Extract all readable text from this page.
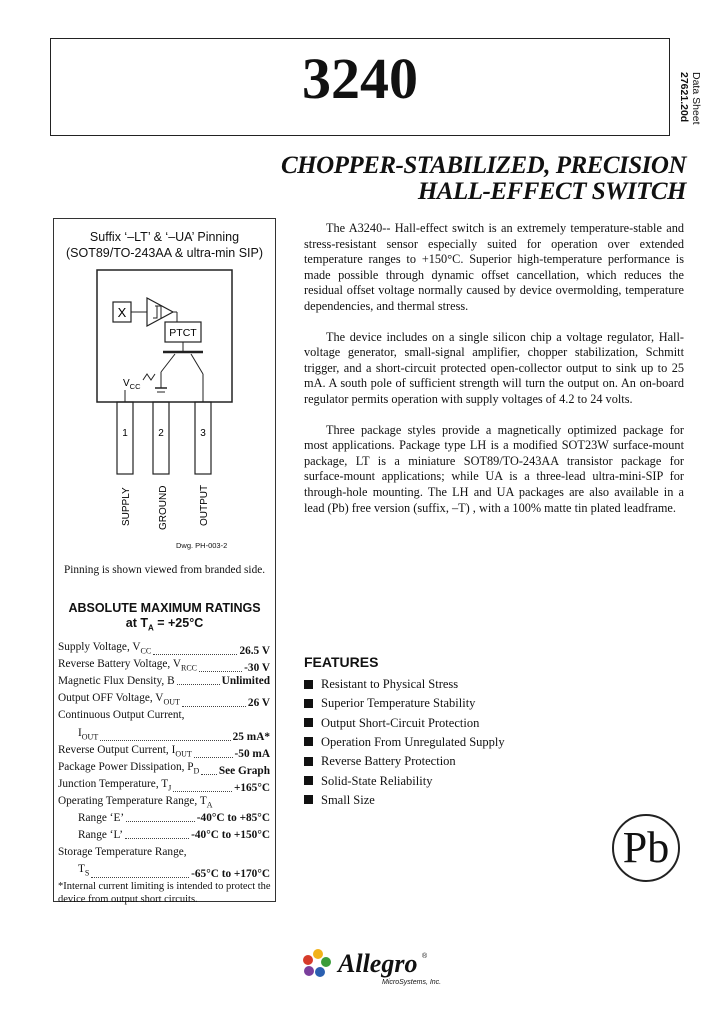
3240	Data Sheet
27621.20d
CHOPPER-STABILIZED, PRECISION
HALL-EFFECT SWITCH
Suffix ‘–LT’ & ‘–UA’ Pinning
(SOT89/TO-243AA & ultra-min SIP)
X
PTCT
$V_{CC}$
1	2	3
SUPPLY	GROUND	OUTPUT
Dwg. PH-003-2
Pinning is shown viewed from branded side.
ABSOLUTE MAXIMUM RATINGS
at $T_A = +25^\circ C$
Supply Voltage, $V_{CC}$	26.5 V
Reverse Battery Voltage, $V_{RCC}$	-30 V
Magnetic Flux Density, B	Unlimited
Output OFF Voltage, $V_{OUT}$	26 V
Continuous Output Current,
$I_{OUT}$	25 mA*
Reverse Output Current, $I_{OUT}$	-50 mA
Package Power Dissipation, $P_D$ See Graph
Junction Temperature, $T_J$	+165°C
Operating Temperature Range, $T_A$
Range ‘E’	-40°C to +85°C
Range ‘L’	-40°C to +150°C
Storage Temperature Range,
$T_S$	-65°C to +170°C
*Internal current limiting is intended to protect the device from output short circuits.

The A3240-- Hall-effect switch is an extremely temperature-stable and stress-resistant sensor especially suited for operation over extended temperature ranges to +150°C. Superior high-temperature performance is made possible through dynamic offset cancellation, which reduces the residual offset voltage normally caused by device overmolding, temperature dependencies, and thermal stress.

The device includes on a single silicon chip a voltage regulator, Hall-voltage generator, small-signal amplifier, chopper stabilization, Schmitt trigger, and a short-circuit protected open-collector output to sink up to 25 mA. A south pole of sufficient strength will turn the output on. An on-board regulator permits operation with supply voltages of 4.2 to 24 volts.

Three package styles provide a magnetically optimized package for most applications. Package type LH is a modified SOT23W surface-mount package, LT is a miniature SOT89/TO-243AA transistor package for surface-mount applications; while UA is a three-lead ultra-mini-SIP for through-hole mounting. The LH and UA packages are also available in a lead (Pb) free version (suffix, –T) , with a 100% matte tin plated leadframe.

FEATURES
Resistant to Physical Stress
Superior Temperature Stability
Output Short-Circuit Protection
Operation From Unregulated Supply
Reverse Battery Protection
Solid-State Reliability
Small Size
Pb
Allegro ®
MicroSystems, Inc.
